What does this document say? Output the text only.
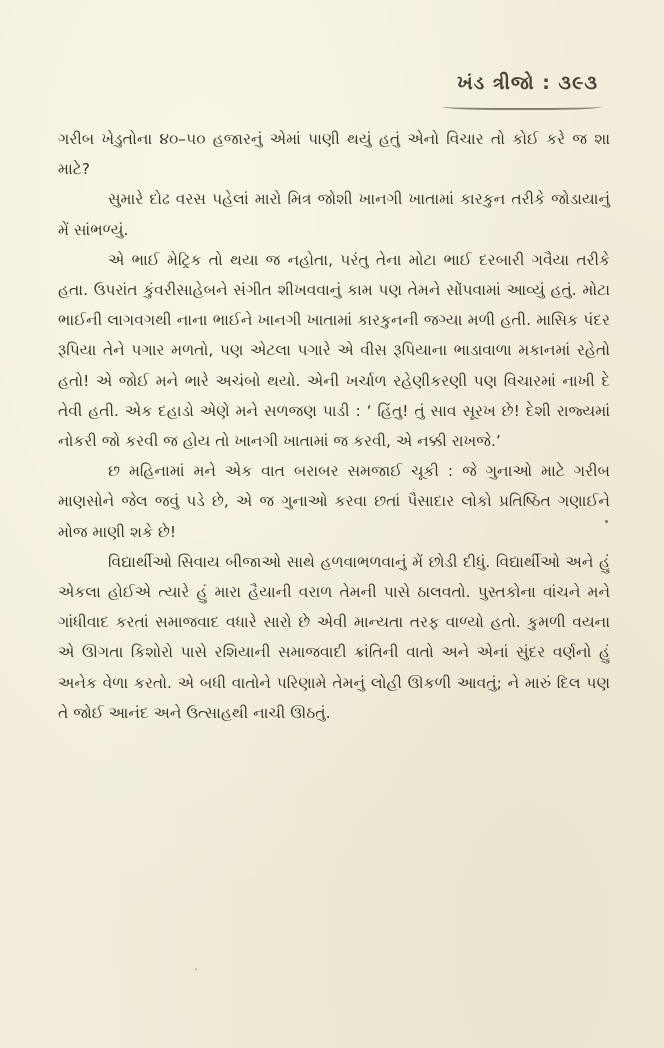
ખંડ ત્રીજો : ૩૯૩

ગરીબ ખેડુતોના ૪૦–૫૦ હજારનું એમાં પાણી થયું હતું એનો વિચાર તો કોઈ કરે જ શા માટે?

સુમારે દોઢ વરસ પહેલાં મારો મિત્ર જોશી ખાનગી ખાતામાં કારકુન તરીકે જોડાયાનું મેં સાંભળ્યું.

એ ભાઈ મેટ્રિક તો થયા જ નહોતા, પરંતુ તેના મોટા ભાઈ દરબારી ગવૈયા તરીકે હતા. ઉપરાંત કુંવરીસાહેબને સંગીત શીખવવાનું કામ પણ તેમને સોંપવામાં આવ્યું હતું. મોટા ભાઈની લાગવગથી નાના ભાઈને ખાનગી ખાતામાં કારકુનની જગ્યા મળી હતી. માસિક પંદર રૂપિયા તેને પગાર મળતો, પણ એટલા પગારે એ વીસ રૂપિયાના ભાડાવાળા મકાનમાં રહેતો હતો! એ જોઈ મને ભારે અચંબો થયો. એની ખર્ચાળ રહેણીકરણી પણ વિચારમાં નાખી દે તેવી હતી. એક દહાડો એણે મને સળજણ પાડી : ‘ હિંતુ! તું સાવ સૂરખ છે! દેશી રાજ્યમાં નોકરી જો કરવી જ હોય તો ખાનગી ખાતામાં જ કરવી, એ નક્કી રાખજે.’

છ મહિનામાં મને એક વાત બરાબર સમજાઈ ચૂકી : જે ગુનાઓ માટે ગરીબ માણસોને જેલ જવું પડે છે, એ જ ગુનાઓ કરવા છતાં પૈસાદાર લોકો પ્રતિષ્ઠિત ગણાઈને મોજ માણી શકે છે!

વિદ્યાર્થીઓ સિવાય બીજાઓ સાથે હળવાભળવાનું મેં છોડી દીધું. વિદ્યાર્થીઓ અને હું એકલા હોઈએ ત્યારે હું મારા હૈયાની વરાળ તેમની પાસે ઠાલવતો. પુસ્તકોના વાંચને મને ગાંધીવાદ કરતાં સમાજવાદ વધારે સારો છે એવી માન્યતા તરફ વાળ્યો હતો. કુમળી વયના એ ઊગતા કિશોરો પાસે રશિયાની સમાજવાદી ક્રાંતિની વાતો અને એનાં સુંદર વર્ણનો હું અનેક વેળા કરતો. એ બધી વાતોને પરિણામે તેમનું લોહી ઊકળી આવતું; ને મારું દિલ પણ તે જોઈ આનંદ અને ઉત્સાહથી નાચી ઊઠતું.
